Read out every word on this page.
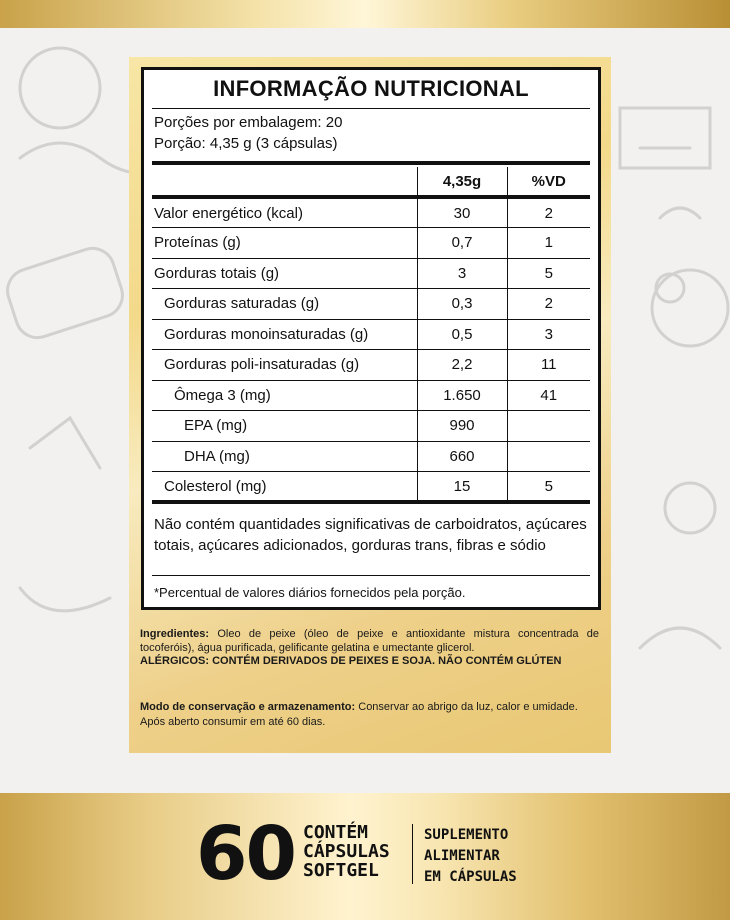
INFORMAÇÃO NUTRICIONAL
Porções por embalagem: 20
Porção: 4,35 g (3 cápsulas)
	4,35g	%VD
Valor energético (kcal)	30	2
Proteínas (g)	0,7	1
Gorduras totais (g)	3	5
Gorduras saturadas (g)	0,3	2
Gorduras monoinsaturadas (g)	0,5	3
Gorduras poli-insaturadas (g)	2,2	11
Ômega 3 (mg)	1.650	41
EPA (mg)	990	
DHA (mg)	660	
Colesterol (mg)	15	5
Não contém quantidades significativas de carboidratos, açúcares totais, açúcares adicionados, gorduras trans, fibras e sódio
*Percentual de valores diários fornecidos pela porção.
Ingredientes: Oleo de peixe (óleo de peixe e antioxidante mistura concentrada de tocoferóis), água purificada, gelificante gelatina e umectante glicerol.
ALÉRGICOS: CONTÉM DERIVADOS DE PEIXES E SOJA. NÃO CONTÉM GLÚTEN
Modo de conservação e armazenamento: Conservar ao abrigo da luz, calor e umidade. Após aberto consumir em até 60 dias.
60 CONTÉM
CÁPSULAS
SOFTGEL
SUPLEMENTO
ALIMENTAR
EM CÁPSULAS
